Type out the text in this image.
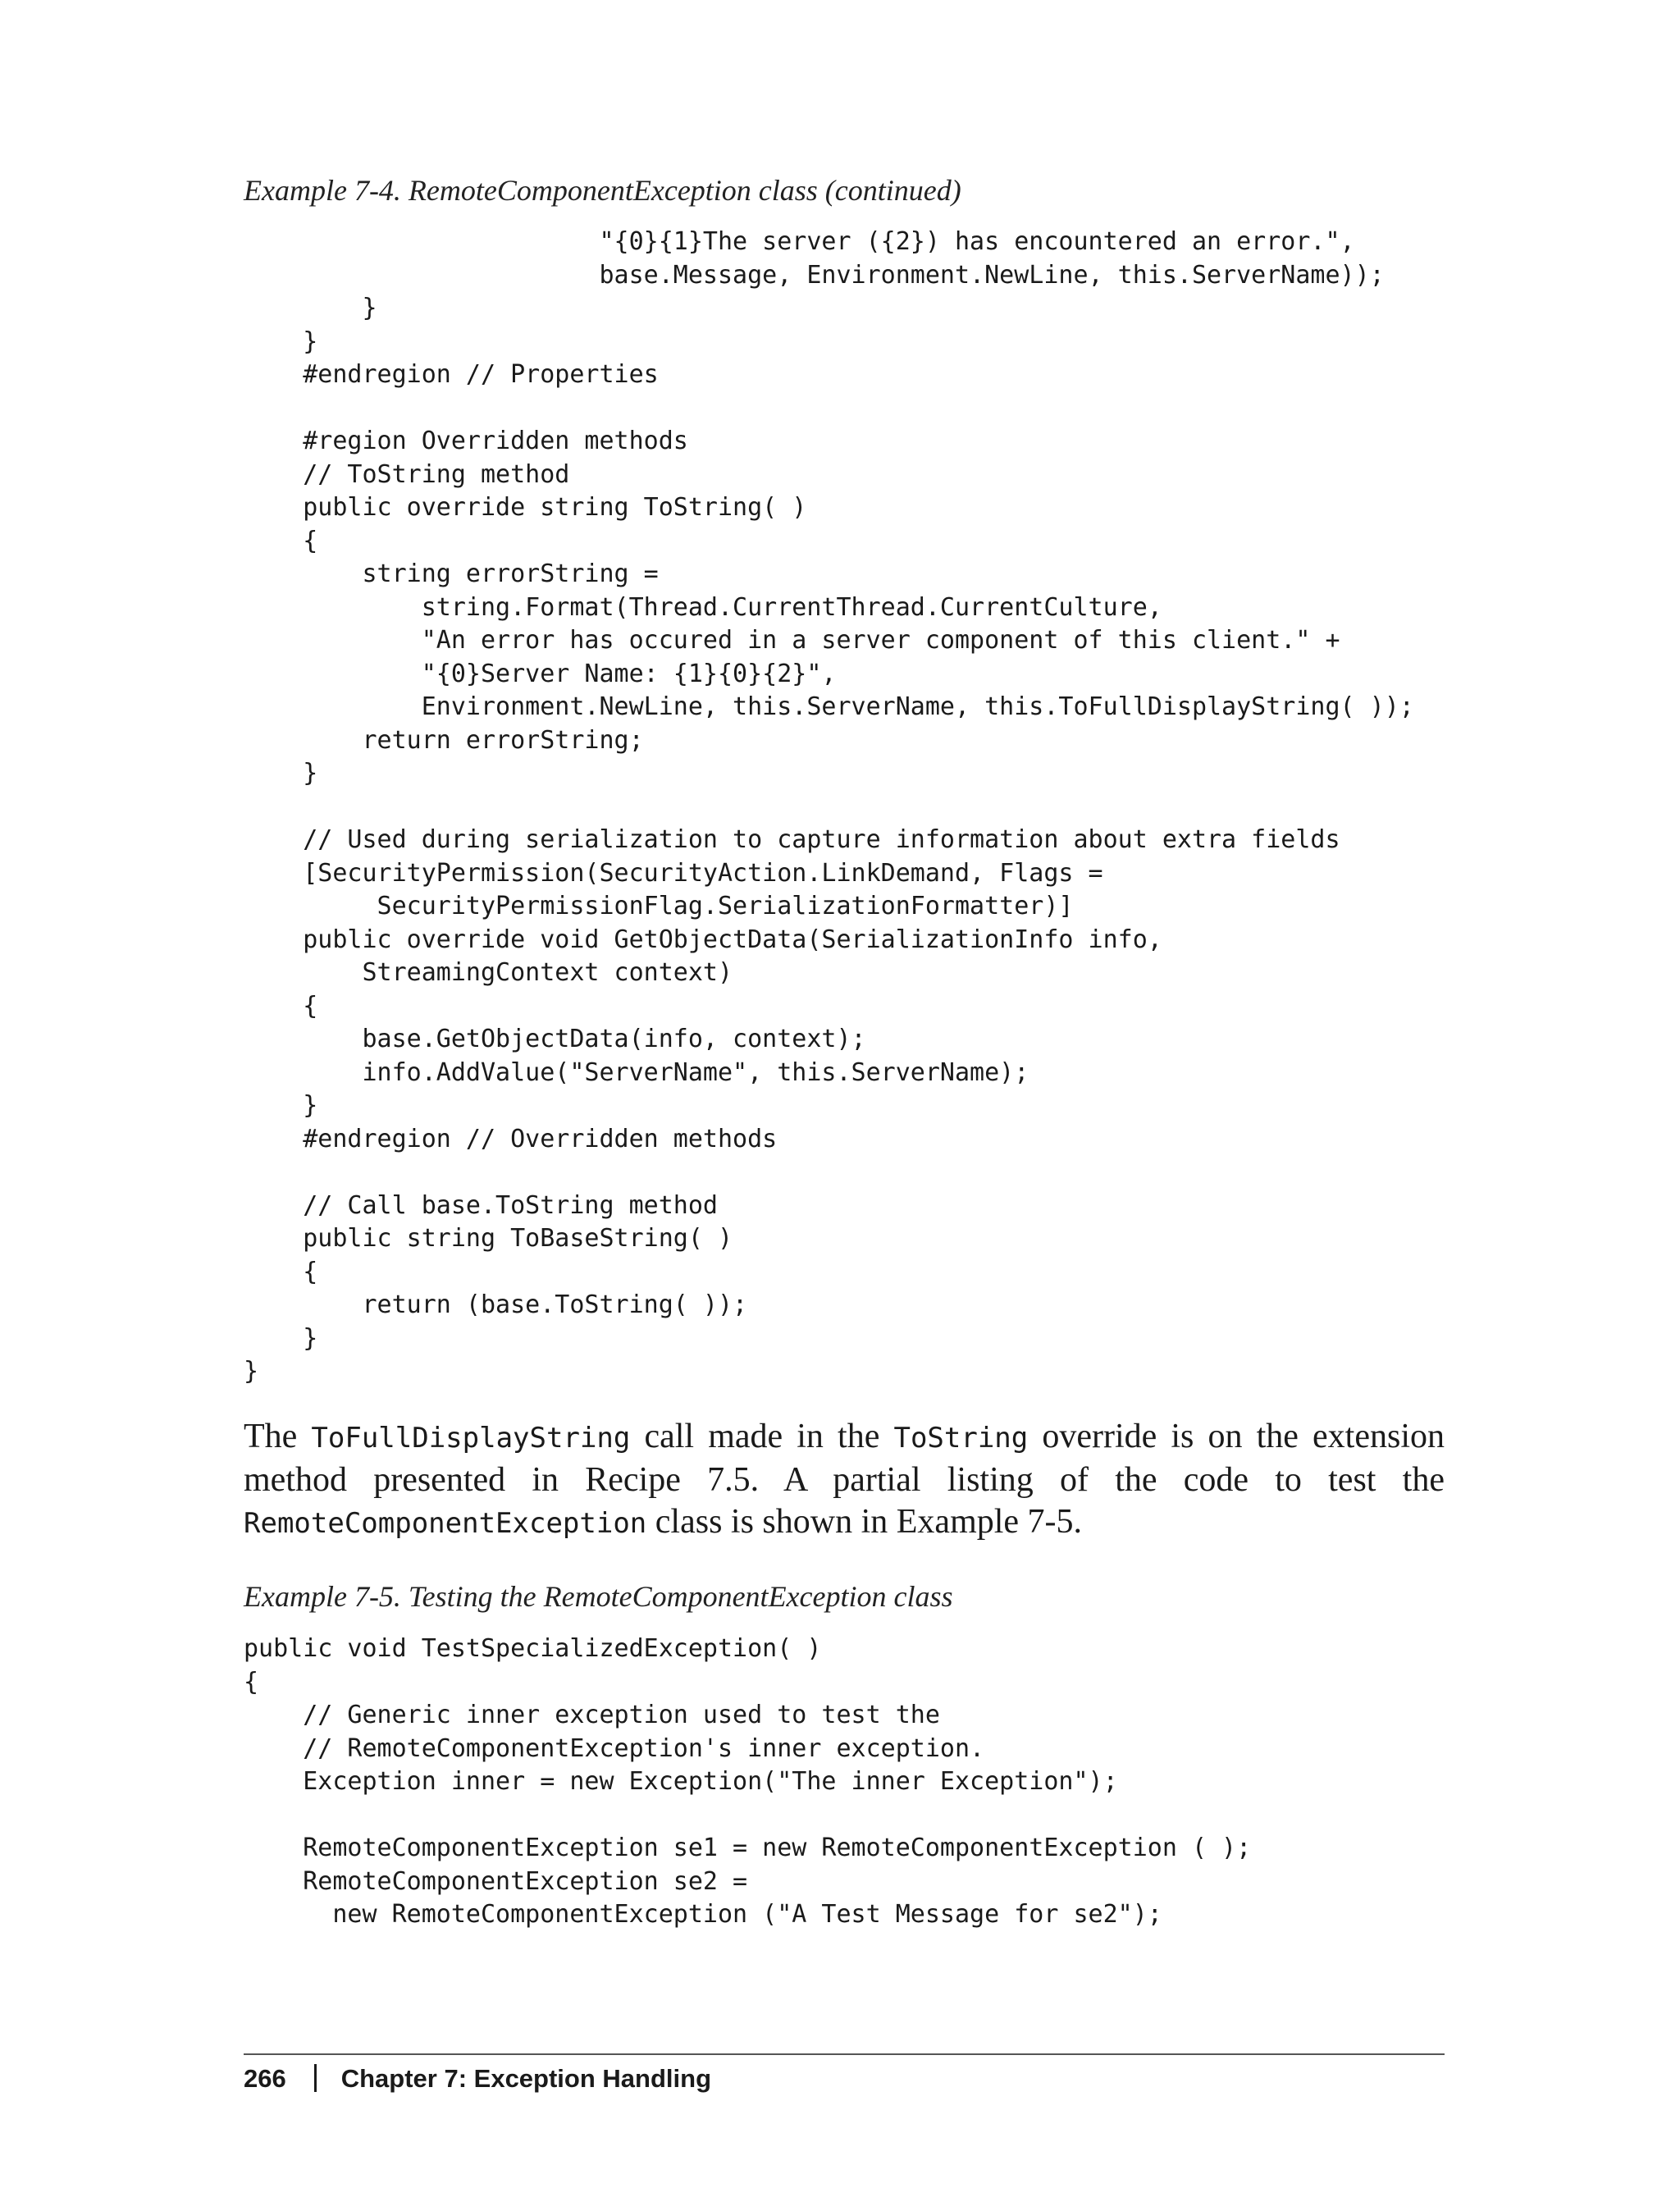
Example 7-4. RemoteComponentException class (continued)
"{0}{1}The server ({2}) has encountered an error.",
base.Message, Environment.NewLine, this.ServerName));
}
}
#endregion // Properties
#region Overridden methods
// ToString method
public override string ToString( )
{
string errorString =
string.Format(Thread.CurrentThread.CurrentCulture,
"An error has occured in a server component of this client." +
"{0}Server Name: {1}{0}{2}",
Environment.NewLine, this.ServerName, this.ToFullDisplayString( ));
return errorString;
}
// Used during serialization to capture information about extra fields
[SecurityPermission(SecurityAction.LinkDemand, Flags =
SecurityPermissionFlag.SerializationFormatter)]
public override void GetObjectData(SerializationInfo info,
StreamingContext context)
{
base.GetObjectData(info, context);
info.AddValue("ServerName", this.ServerName);
}
#endregion // Overridden methods
// Call base.ToString method
public string ToBaseString( )
{
return (base.ToString( ));
}
}
The ToFullDisplayString call made in the ToString override is on the extension
method presented in Recipe 7.5. A partial listing of the code to test the
RemoteComponentException class is shown in Example 7-5.
Example 7-5. Testing the RemoteComponentException class
public void TestSpecializedException( )
{
// Generic inner exception used to test the
// RemoteComponentException's inner exception.
Exception inner = new Exception("The inner Exception");
RemoteComponentException se1 = new RemoteComponentException ( );
RemoteComponentException se2 =
new RemoteComponentException ("A Test Message for se2");
266 Chapter 7: Exception Handling
